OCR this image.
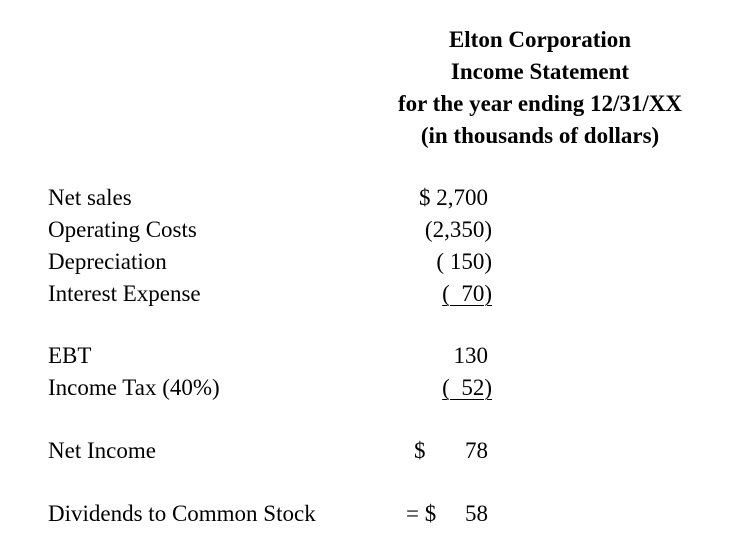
Elton Corporation
Income Statement
for the year ending 12/31/XX
(in thousands of dollars)
Net sales	$ 2,700
Operating Costs	(2,350)
Depreciation	( 150)
Interest Expense	(  70)
EBT	130
Income Tax (40%)	(  52)
Net Income	$	78
Dividends to Common Stock	= $	58
